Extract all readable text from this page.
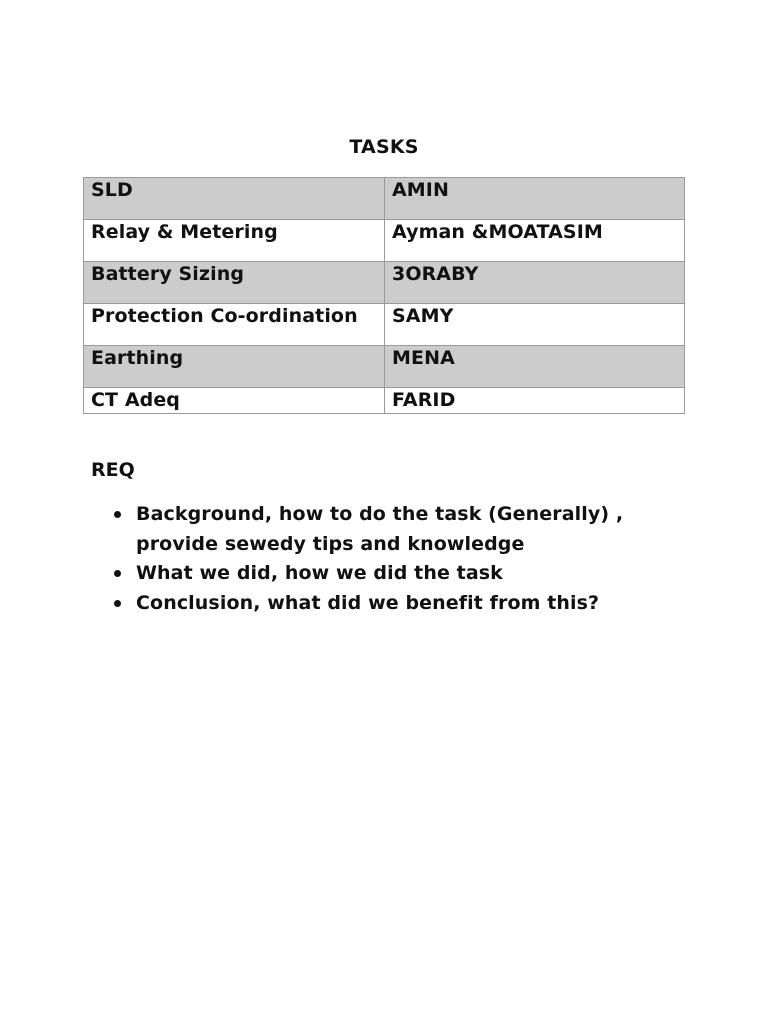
TASKS
SLD	AMIN
Relay & Metering	Ayman &MOATASIM
Battery Sizing	3ORABY
Protection Co-ordination	SAMY
Earthing	MENA
CT Adeq	FARID
REQ
Background, how to do the task (Generally) , provide sewedy tips and knowledge
What we did, how we did the task
Conclusion, what did we benefit from this?
